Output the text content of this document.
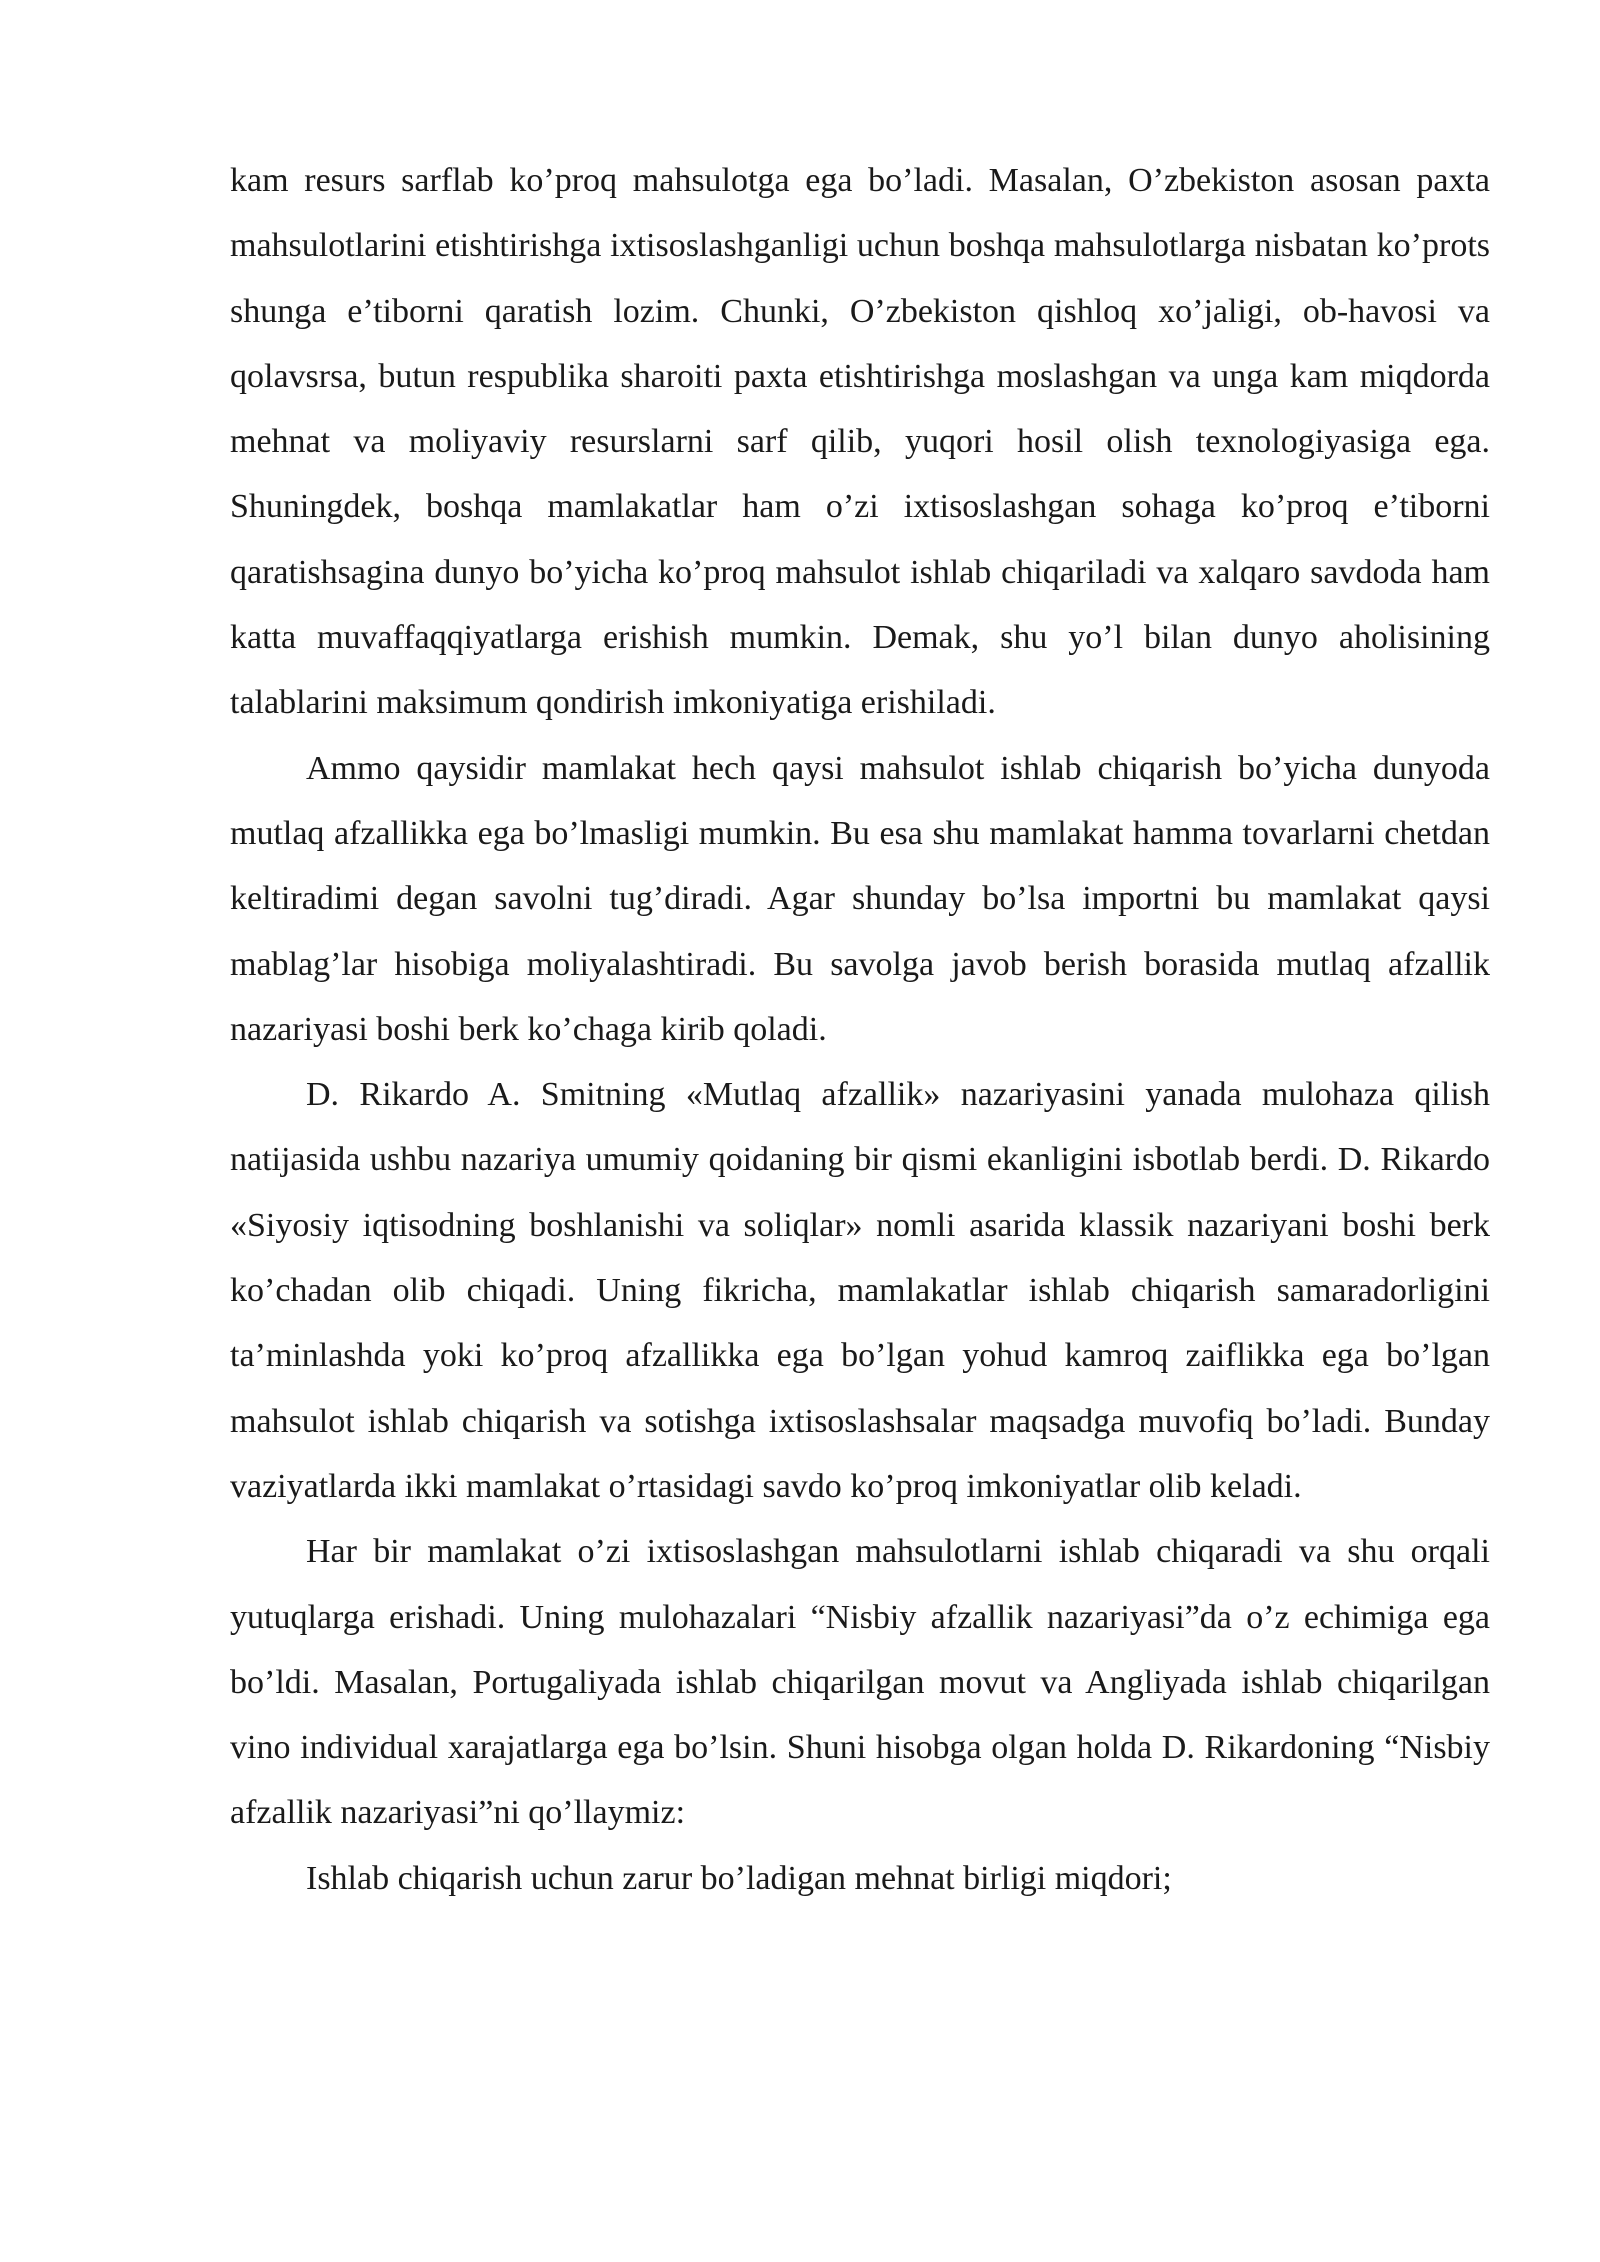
kam resurs sarflab ko’proq mahsulotga ega bo’ladi. Masalan, O’zbekiston asosan paxta mahsulotlarini etishtirishga ixtisoslashganligi uchun boshqa mahsulotlarga nisbatan ko’prots shunga e’tiborni qaratish lozim. Chunki, O’zbekiston qishloq xo’jaligi, ob-havosi va qolavsrsa, butun respublika sharoiti paxta etishtirishga moslashgan va unga kam miqdorda mehnat va moliyaviy resurslarni sarf qilib, yuqori hosil olish texnologiyasiga ega. Shuningdek, boshqa mamlakatlar ham o’zi ixtisoslashgan sohaga ko’proq e’tiborni qaratishsagina dunyo bo’yicha ko’proq mahsulot ishlab chiqariladi va xalqaro savdoda ham katta muvaffaqqiyatlarga erishish mumkin. Demak, shu yo’l bilan dunyo aholisining talablarini maksimum qondirish imkoniyatiga erishiladi.

Ammo qaysidir mamlakat hech qaysi mahsulot ishlab chiqarish bo’yicha dunyoda mutlaq afzallikka ega bo’lmasligi mumkin. Bu esa shu mamlakat hamma tovarlarni chetdan keltiradimi degan savolni tug’diradi. Agar shunday bo’lsa importni bu mamlakat qaysi mablag’lar hisobiga moliyalashtiradi. Bu savolga javob berish borasida mutlaq afzallik nazariyasi boshi berk ko’chaga kirib qoladi.

D. Rikardo A. Smitning «Mutlaq afzallik» nazariyasini yanada mulohaza qilish natijasida ushbu nazariya umumiy qoidaning bir qismi ekanligini isbotlab berdi. D. Rikardo «Siyosiy iqtisodning boshlanishi va soliqlar» nomli asarida klassik nazariyani boshi berk ko’chadan olib chiqadi. Uning fikricha, mamlakatlar ishlab chiqarish samaradorligini ta’minlashda yoki ko’proq afzallikka ega bo’lgan yohud kamroq zaiflikka ega bo’lgan mahsulot ishlab chiqarish va sotishga ixtisoslashsalar maqsadga muvofiq bo’ladi. Bunday vaziyatlarda ikki mamlakat o’rtasidagi savdo ko’proq imkoniyatlar olib keladi.

Har bir mamlakat o’zi ixtisoslashgan mahsulotlarni ishlab chiqaradi va shu orqali yutuqlarga erishadi. Uning mulohazalari “Nisbiy afzallik nazariyasi”da o’z echimiga ega bo’ldi. Masalan, Portugaliyada ishlab chiqarilgan movut va Angliyada ishlab chiqarilgan vino individual xarajatlarga ega bo’lsin. Shuni hisobga olgan holda D. Rikardoning “Nisbiy afzallik nazariyasi”ni qo’llaymiz:

Ishlab chiqarish uchun zarur bo’ladigan mehnat birligi miqdori;
